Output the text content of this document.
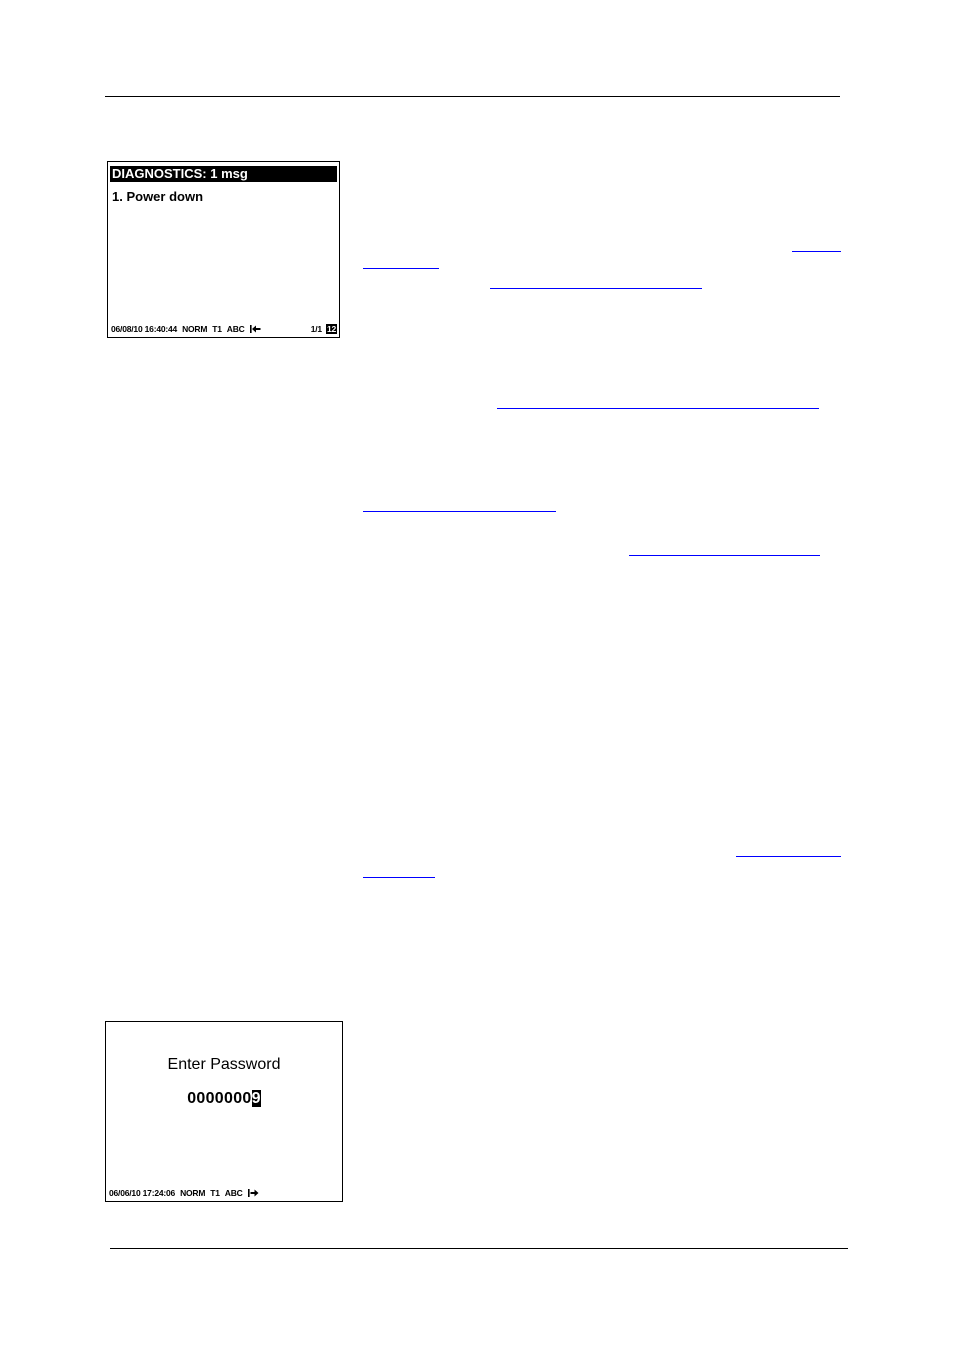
DIAGNOSTICS: 1 msg
1. Power down
06/08/10 16:40:44 NORM T1 ABC	1/1 12
Enter Password
00000009
06/06/10 17:24:06 NORM T1 ABC
